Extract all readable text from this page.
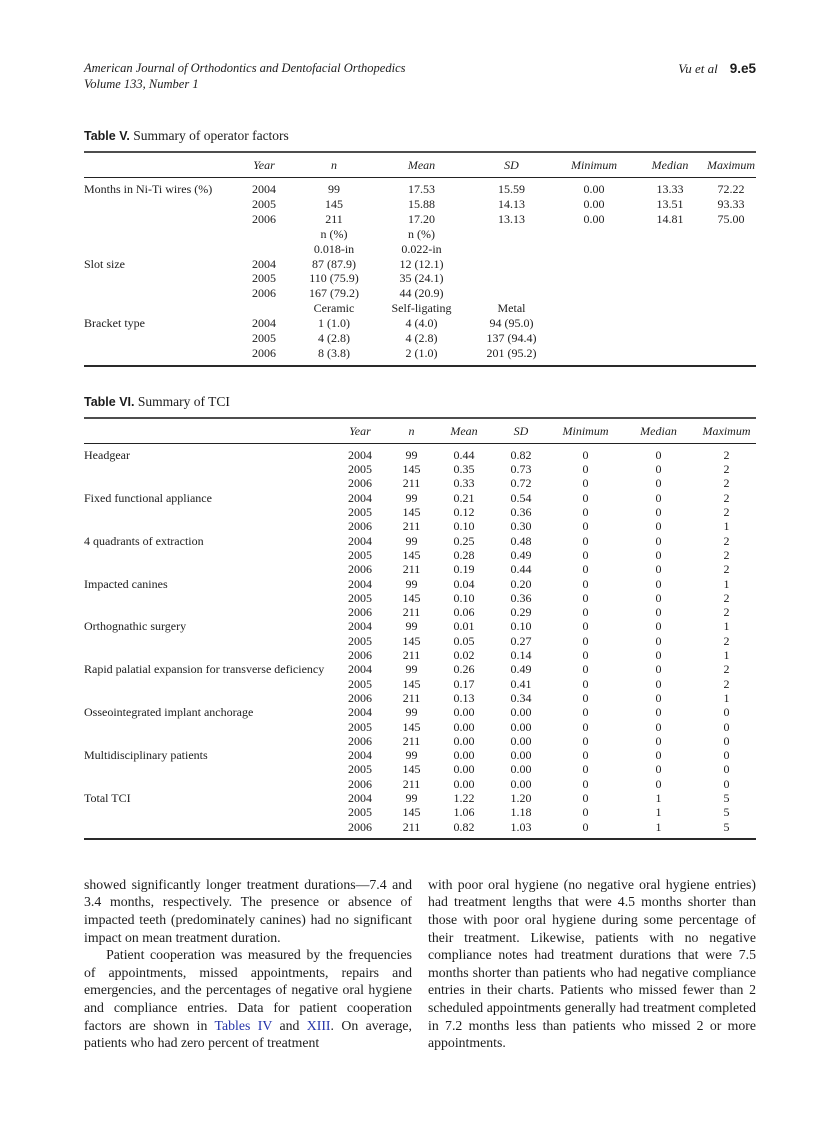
American Journal of Orthodontics and Dentofacial Orthopedics
Volume 133, Number 1
Vu et al 9.e5
Table V. Summary of operator factors
	Year	n	Mean	SD	Minimum	Median	Maximum
Months in Ni-Ti wires (%)	2004	99	17.53	15.59	0.00	13.33	72.22
	2005	145	15.88	14.13	0.00	13.51	93.33
	2006	211	17.20	13.13	0.00	14.81	75.00
		n (%)	n (%)				
		0.018-in	0.022-in				
Slot size	2004	87 (87.9)	12 (12.1)				
	2005	110 (75.9)	35 (24.1)				
	2006	167 (79.2)	44 (20.9)				
		Ceramic	Self-ligating	Metal			
Bracket type	2004	1 (1.0)	4 (4.0)	94 (95.0)			
	2005	4 (2.8)	4 (2.8)	137 (94.4)			
	2006	8 (3.8)	2 (1.0)	201 (95.2)			
Table VI. Summary of TCI
	Year	n	Mean	SD	Minimum	Median	Maximum
Headgear	2004	99	0.44	0.82	0	0	2
	2005	145	0.35	0.73	0	0	2
	2006	211	0.33	0.72	0	0	2
Fixed functional appliance	2004	99	0.21	0.54	0	0	2
	2005	145	0.12	0.36	0	0	2
	2006	211	0.10	0.30	0	0	1
4 quadrants of extraction	2004	99	0.25	0.48	0	0	2
	2005	145	0.28	0.49	0	0	2
	2006	211	0.19	0.44	0	0	2
Impacted canines	2004	99	0.04	0.20	0	0	1
	2005	145	0.10	0.36	0	0	2
	2006	211	0.06	0.29	0	0	2
Orthognathic surgery	2004	99	0.01	0.10	0	0	1
	2005	145	0.05	0.27	0	0	2
	2006	211	0.02	0.14	0	0	1
Rapid palatial expansion for transverse deficiency	2004	99	0.26	0.49	0	0	2
	2005	145	0.17	0.41	0	0	2
	2006	211	0.13	0.34	0	0	1
Osseointegrated implant anchorage	2004	99	0.00	0.00	0	0	0
	2005	145	0.00	0.00	0	0	0
	2006	211	0.00	0.00	0	0	0
Multidisciplinary patients	2004	99	0.00	0.00	0	0	0
	2005	145	0.00	0.00	0	0	0
	2006	211	0.00	0.00	0	0	0
Total TCI	2004	99	1.22	1.20	0	1	5
	2005	145	1.06	1.18	0	1	5
	2006	211	0.82	1.03	0	1	5

showed significantly longer treatment durations—7.4 and 3.4 months, respectively. The presence or absence of impacted teeth (predominately canines) had no significant impact on mean treatment duration.

Patient cooperation was measured by the frequencies of appointments, missed appointments, repairs and emergencies, and the percentages of negative oral hygiene and compliance entries. Data for patient cooperation factors are shown in Tables IV and XIII. On average, patients who had zero percent of treatment

with poor oral hygiene (no negative oral hygiene entries) had treatment lengths that were 4.5 months shorter than those with poor oral hygiene during some percentage of their treatment. Likewise, patients with no negative compliance notes had treatment durations that were 7.5 months shorter than patients who had negative compliance entries in their charts. Patients who missed fewer than 2 scheduled appointments generally had treatment completed in 7.2 months less than patients who missed 2 or more appointments.
